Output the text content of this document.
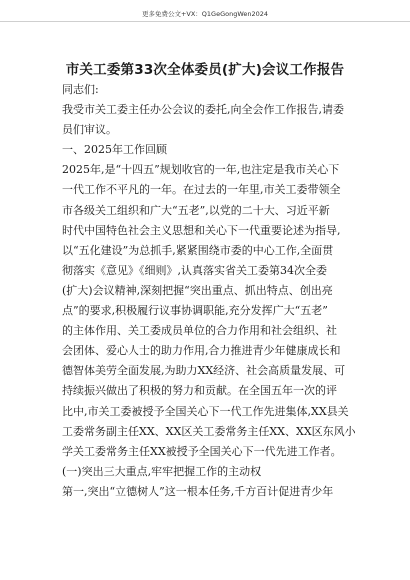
更多免费公文+VX：Q1GeGongWen2024
市关工委第33次全体委员(扩大)会议工作报告
同志们:
我受市关工委主任办公会议的委托,向全会作工作报告,请委
员们审议。
一、2025年工作回顾
2025年,是“十四五”规划收官的一年,也注定是我市关心下
一代工作不平凡的一年。在过去的一年里,市关工委带领全
市各级关工组织和广大“五老”,以党的二十大、习近平新
时代中国特色社会主义思想和关心下一代重要论述为指导,
以“五化建设”为总抓手,紧紧围绕市委的中心工作,全面贯
彻落实《意见》《细则》,认真落实省关工委第34次全委
(扩大)会议精神,深刻把握“突出重点、抓出特点、创出亮
点”的要求,积极履行议事协调职能,充分发挥广大“五老”
的主体作用、关工委成员单位的合力作用和社会组织、社
会团体、爱心人士的助力作用,合力推进青少年健康成长和
德智体美劳全面发展,为助力XX经济、社会高质量发展、可
持续振兴做出了积极的努力和贡献。在全国五年一次的评
比中,市关工委被授予全国关心下一代工作先进集体,XX县关
工委常务副主任XX、XX区关工委常务主任XX、XX区东风小
学关工委常务主任XX被授予全国关心下一代先进工作者。
(一)突出三大重点,牢牢把握工作的主动权
第一,突出“立德树人”这一根本任务,千方百计促进青少年
